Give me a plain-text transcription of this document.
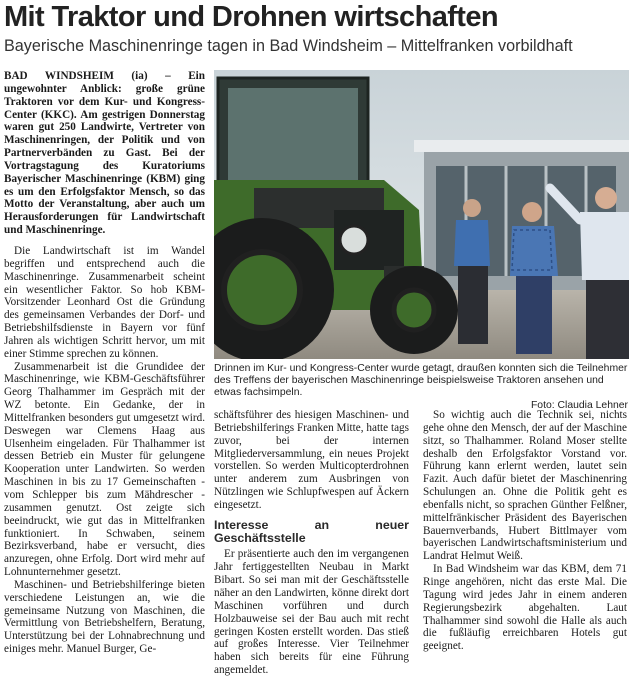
Mit Traktor und Drohnen wirtschaften
Bayerische Maschinenringe tagen in Bad Windsheim – Mittelfranken vorbildhaft

BAD WINDSHEIM (ia) – Ein ungewohnter Anblick: große grüne Traktoren vor dem Kur- und Kongress-Center (KKC). Am gestrigen Donnerstag waren gut 250 Landwirte, Vertreter von Maschinenringen, der Politik und von Partnerverbänden zu Gast. Bei der Vortragstagung des Kuratoriums Bayerischer Maschinenringe (KBM) ging es um den Erfolgsfaktor Mensch, so das Motto der Veranstaltung, aber auch um Herausforderungen für Landwirtschaft und Maschinenringe.

Die Landwirtschaft ist im Wandel begriffen und entsprechend auch die Maschinenringe. Zusammenarbeit scheint ein wesentlicher Faktor. So hob KBM-Vorsitzender Leonhard Ost die Gründung des gemeinsamen Verbandes der Dorf- und Betriebshilfsdienste in Bayern vor fünf Jahren als wichtigen Schritt hervor, um mit einer Stimme sprechen zu können.

Zusammenarbeit ist die Grundidee der Maschinenringe, wie KBM-Geschäftsführer Georg Thalhammer im Gespräch mit der WZ betonte. Ein Gedanke, der in Mittelfranken besonders gut umgesetzt wird. Deswegen war Clemens Haag aus Ulsenheim eingeladen. Für Thalhammer ist dessen Betrieb ein Muster für gelungene Kooperation unter Landwirten. So werden Maschinen in bis zu 17 Gemeinschaften - vom Schlepper bis zum Mähdrescher - zusammen genutzt. Ost zeigte sich beeindruckt, wie gut das in Mittelfranken funktioniert. In Schwaben, seinem Bezirksverband, habe er versucht, dies anzuregen, ohne Erfolg. Dort wird mehr auf Lohnunternehmer gesetzt.

Maschinen- und Betriebshilferinge bieten verschiedene Leistungen an, wie die gemeinsame Nutzung von Maschinen, die Vermittlung von Betriebshelfern, Beratung, Unterstützung bei der Lohnabrechnung und einiges mehr. Manuel Burger, Ge-

Drinnen im Kur- und Kongress-Center wurde getagt, draußen konnten sich die Teilnehmer des Treffens der bayerischen Maschinenringe beispielsweise Traktoren ansehen und etwas fachsimpeln.
Foto: Claudia Lehner

schäftsführer des hiesigen Maschinen- und Betriebshilferings Franken Mitte, hatte tags zuvor, bei der internen Mitgliederversammlung, ein neues Projekt vorstellen. So werden Multicopterdrohnen unter anderem zum Ausbringen von Nützlingen wie Schlupfwespen auf Äckern eingesetzt.

Interesse an neuer Geschäftsstelle

Er präsentierte auch den im vergangenen Jahr fertiggestellten Neubau in Markt Bibart. So sei man mit der Geschäftsstelle näher an den Landwirten, könne direkt dort Maschinen vorführen und durch Holzbauweise sei der Bau auch mit recht geringen Kosten erstellt worden. Das stieß auf großes Interesse. Vier Teilnehmer haben sich bereits für eine Führung angemeldet.

So wichtig auch die Technik sei, nichts gehe ohne den Mensch, der auf der Maschine sitzt, so Thalhammer. Roland Moser stellte deshalb den Erfolgsfaktor Vorstand vor. Führung kann erlernt werden, lautet sein Fazit. Auch dafür bietet der Maschinenring Schulungen an. Ohne die Politik geht es ebenfalls nicht, so sprachen Günther Felßner, mittelfränkischer Präsident des Bayerischen Bauernverbands, Hubert Bittlmayer vom bayerischen Landwirtschaftsministerium und Landrat Helmut Weiß.

In Bad Windsheim war das KBM, dem 71 Ringe angehören, nicht das erste Mal. Die Tagung wird jedes Jahr in einem anderen Regierungsbezirk abgehalten. Laut Thalhammer sind sowohl die Halle als auch die fußläufig erreichbaren Hotels gut geeignet.
